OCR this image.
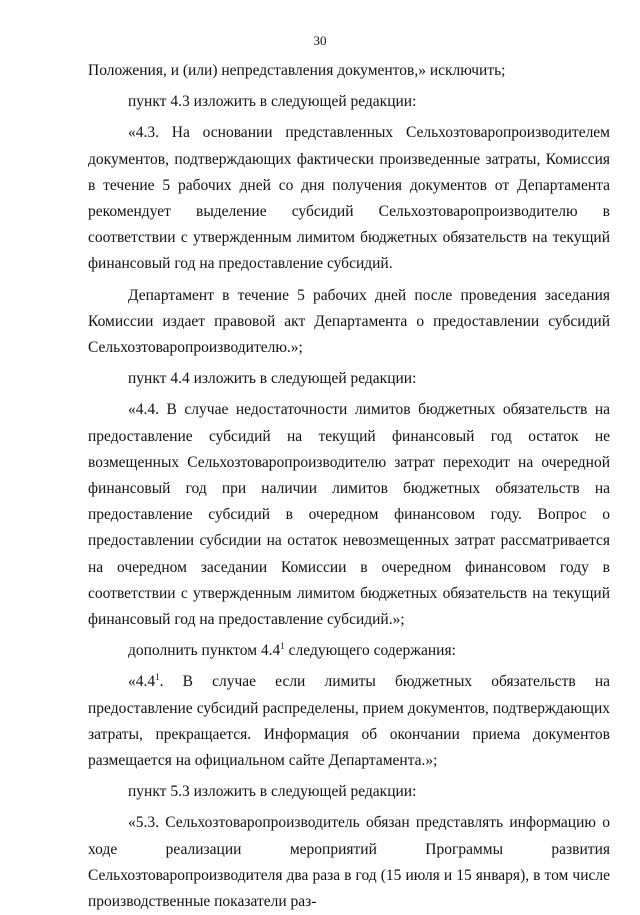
30

Положения, и (или) непредставления документов,» исключить;

пункт 4.3 изложить в следующей редакции:

«4.3. На основании представленных Сельхозтоваропроизводителем документов, подтверждающих фактически произведенные затраты, Комиссия в течение 5 рабочих дней со дня получения документов от Департамента рекомендует выделение субсидий Сельхозтоваропроизводителю в соответствии с утвержденным лимитом бюджетных обязательств на текущий финансовый год на предоставление субсидий.

Департамент в течение 5 рабочих дней после проведения заседания Комиссии издает правовой акт Департамента о предоставлении субсидий Сельхозтоваропроизводителю.»;

пункт 4.4 изложить в следующей редакции:

«4.4. В случае недостаточности лимитов бюджетных обязательств на предоставление субсидий на текущий финансовый год остаток не возмещенных Сельхозтоваропроизводителю затрат переходит на очередной финансовый год при наличии лимитов бюджетных обязательств на предоставление субсидий в очередном финансовом году. Вопрос о предоставлении субсидии на остаток невозмещенных затрат рассматривается на очередном заседании Комиссии в очередном финансовом году в соответствии с утвержденным лимитом бюджетных обязательств на текущий финансовый год на предоставление субсидий.»;

дополнить пунктом $4.4^1$ следующего содержания:

«$4.4^1$. В случае если лимиты бюджетных обязательств на предоставление субсидий распределены, прием документов, подтверждающих затраты, прекращается. Информация об окончании приема документов размещается на официальном сайте Департамента.»;

пункт 5.3 изложить в следующей редакции:

«5.3. Сельхозтоваропроизводитель обязан представлять информацию о ходе реализации мероприятий Программы развития Сельхозтоваропроизводителя два раза в год (15 июля и 15 января), в том числе производственные показатели раз-
